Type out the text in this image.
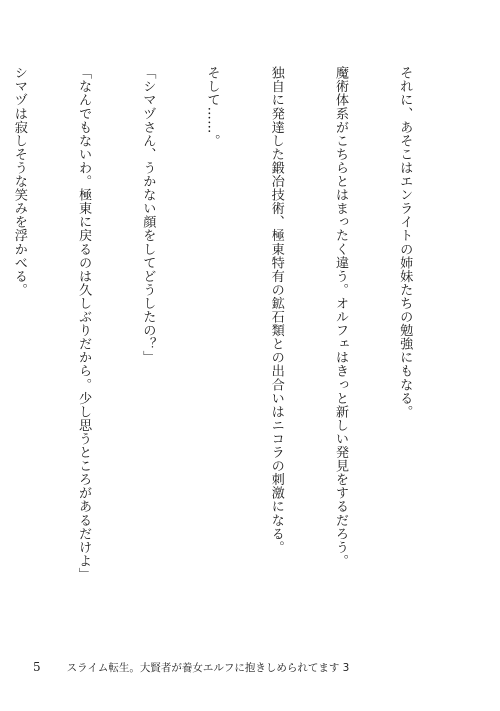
それに、あそこはエンライトの姉妹たちの勉強にもなる。

魔術体系がこちらとはまったく違う。オルフェはきっと新しい発見をするだろう。

独自に発達した鍛冶技術、極東特有の鉱石類との出合いはニコラの刺激になる。

そして……。

「シマヅさん、うかない顔をしてどうしたの？」

「なんでもないわ。極東に戻るのは久しぶりだから。少し思うところがあるだけよ」

シマヅは寂しそうな笑みを浮かべる。

5 スライム転生。大賢者が養女エルフに抱きしめられてます 3
